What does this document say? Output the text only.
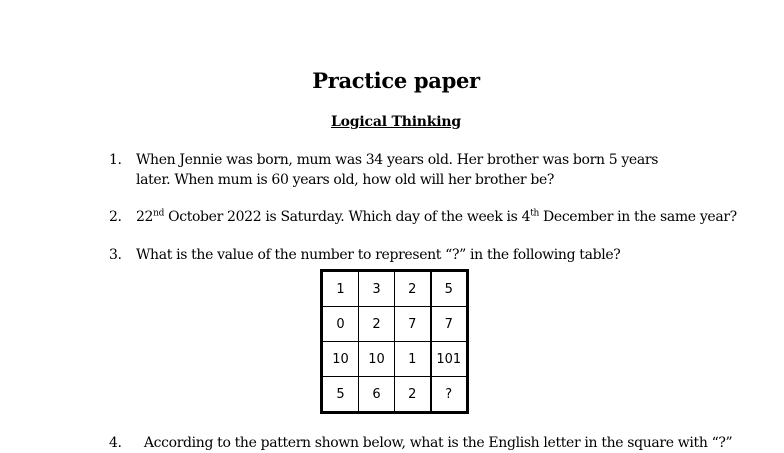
Practice paper
Logical Thinking
1. When Jennie was born, mum was 34 years old. Her brother was born 5 years later. When mum is 60 years old, how old will her brother be?
2. 22nd October 2022 is Saturday. Which day of the week is 4th December in the same year?
3. What is the value of the number to represent “?” in the following table?
1	3	2	5
0	2	7	7
10	10	1	101
5	6	2	?
4. According to the pattern shown below, what is the English letter in the square with “?”
